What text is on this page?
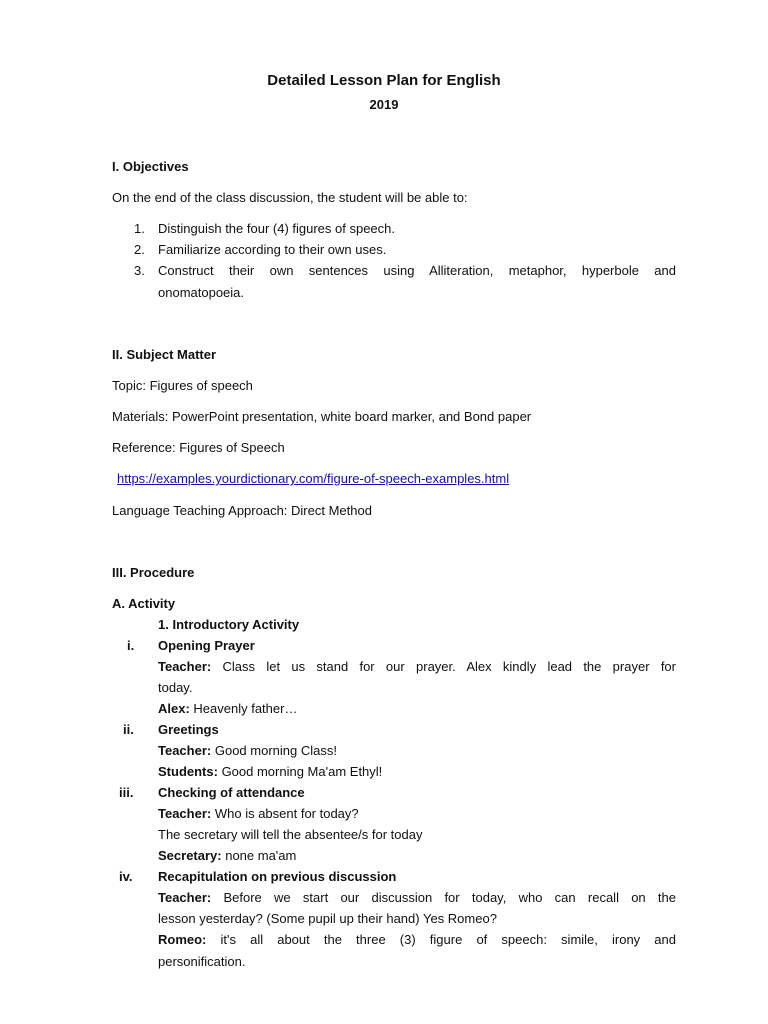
Detailed Lesson Plan for English
2019
I. Objectives
On the end of the class discussion, the student will be able to:
1. Distinguish the four (4) figures of speech.
2. Familiarize according to their own uses.
3. Construct their own sentences using Alliteration, metaphor, hyperbole and
onomatopoeia.
II. Subject Matter
Topic: Figures of speech
Materials: PowerPoint presentation, white board marker, and Bond paper
Reference: Figures of Speech
https://examples.yourdictionary.com/figure-of-speech-examples.html
Language Teaching Approach: Direct Method
III. Procedure
A. Activity
1. Introductory Activity
i. Opening Prayer
Teacher: Class let us stand for our prayer. Alex kindly lead the prayer for
today.
Alex: Heavenly father…
ii. Greetings
Teacher: Good morning Class!
Students: Good morning Ma'am Ethyl!
iii. Checking of attendance
Teacher: Who is absent for today?
The secretary will tell the absentee/s for today
Secretary: none ma'am
iv. Recapitulation on previous discussion
Teacher: Before we start our discussion for today, who can recall on the
lesson yesterday? (Some pupil up their hand) Yes Romeo?
Romeo: it's all about the three (3) figure of speech: simile, irony and
personification.
